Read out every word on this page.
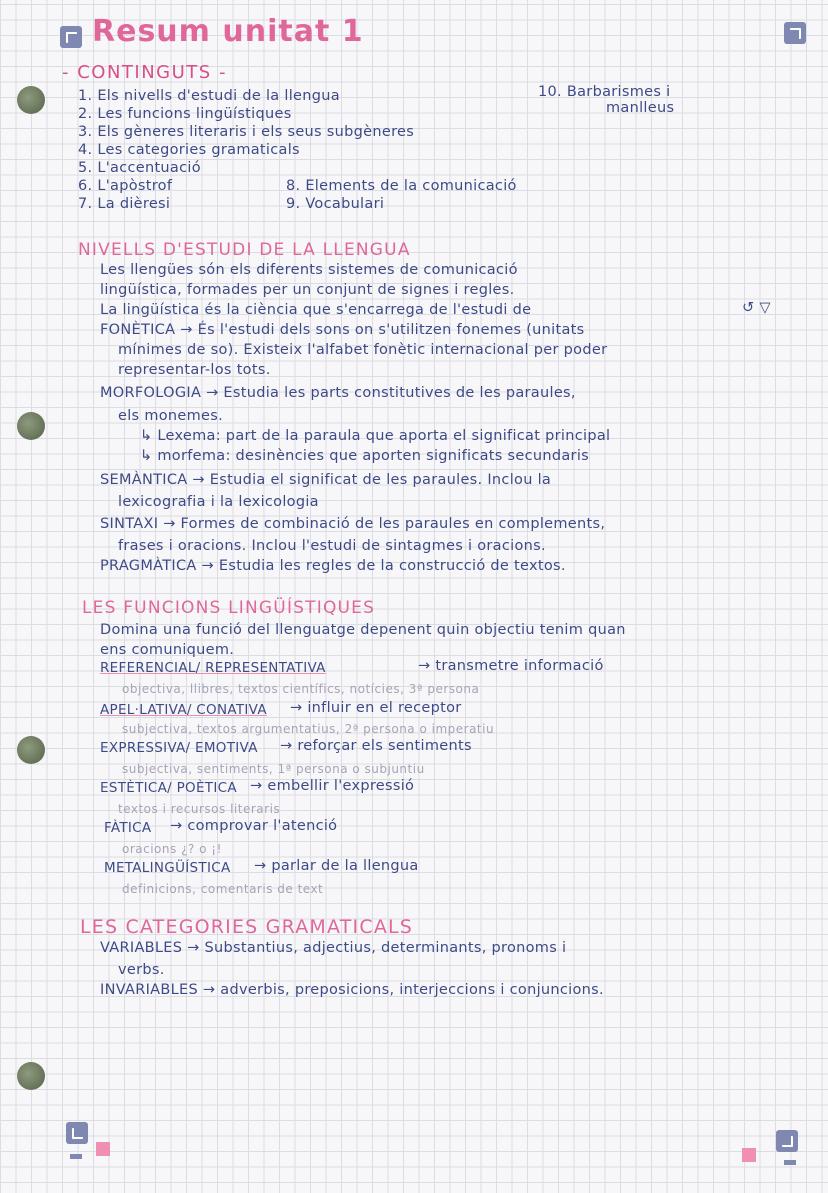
Resum unitat 1
- CONTINGUTS -
1. Els nivells d'estudi de la llengua
2. Les funcions lingüístiques
3. Els gèneres literaris i els seus subgèneres
4. Les categories gramaticals
5. L'accentuació
6. L'apòstrof
7. La dièresi
8. Elements de la comunicació
9. Vocabulari
10. Barbarismes i
manlleus
NIVELLS D'ESTUDI DE LA LLENGUA
Les llengües són els diferents sistemes de comunicació
lingüística, formades per un conjunt de signes i regles.
La lingüística és la ciència que s'encarrega de l'estudi de	↺ ▽
FONÈTICA → És l'estudi dels sons on s'utilitzen fonemes (unitats
mínimes de so). Existeix l'alfabet fonètic internacional per poder
representar-los tots.
MORFOLOGIA → Estudia les parts constitutives de les paraules,
els monemes.
↳ Lexema: part de la paraula que aporta el significat principal
↳ morfema: desinències que aporten significats secundaris
SEMÀNTICA → Estudia el significat de les paraules. Inclou la
lexicografia i la lexicologia
SINTAXI → Formes de combinació de les paraules en complements,
frases i oracions. Inclou l'estudi de sintagmes i oracions.
PRAGMÀTICA → Estudia les regles de la construcció de textos.
LES FUNCIONS LINGÜÍSTIQUES
Domina una funció del llenguatge depenent quin objectiu tenim quan
ens comuniquem.
REFERENCIAL/ REPRESENTATIVA	→ transmetre informació
objectiva, llibres, textos científics, notícies, 3ª persona
APEL·LATIVA/ CONATIVA → influir en el receptor
subjectiva, textos argumentatius, 2ª persona o imperatiu
EXPRESSIVA/ EMOTIVA → reforçar els sentiments
subjectiva, sentiments, 1ª persona o subjuntiu
ESTÈTICA/ POÈTICA → embellir l'expressió
textos i recursos literaris
FÀTICA → comprovar l'atenció
oracions ¿? o ¡!
METALINGÜÍSTICA → parlar de la llengua
definicions, comentaris de text
LES CATEGORIES GRAMATICALS
VARIABLES → Substantius, adjectius, determinants, pronoms i
verbs.
INVARIABLES → adverbis, preposicions, interjeccions i conjuncions.
